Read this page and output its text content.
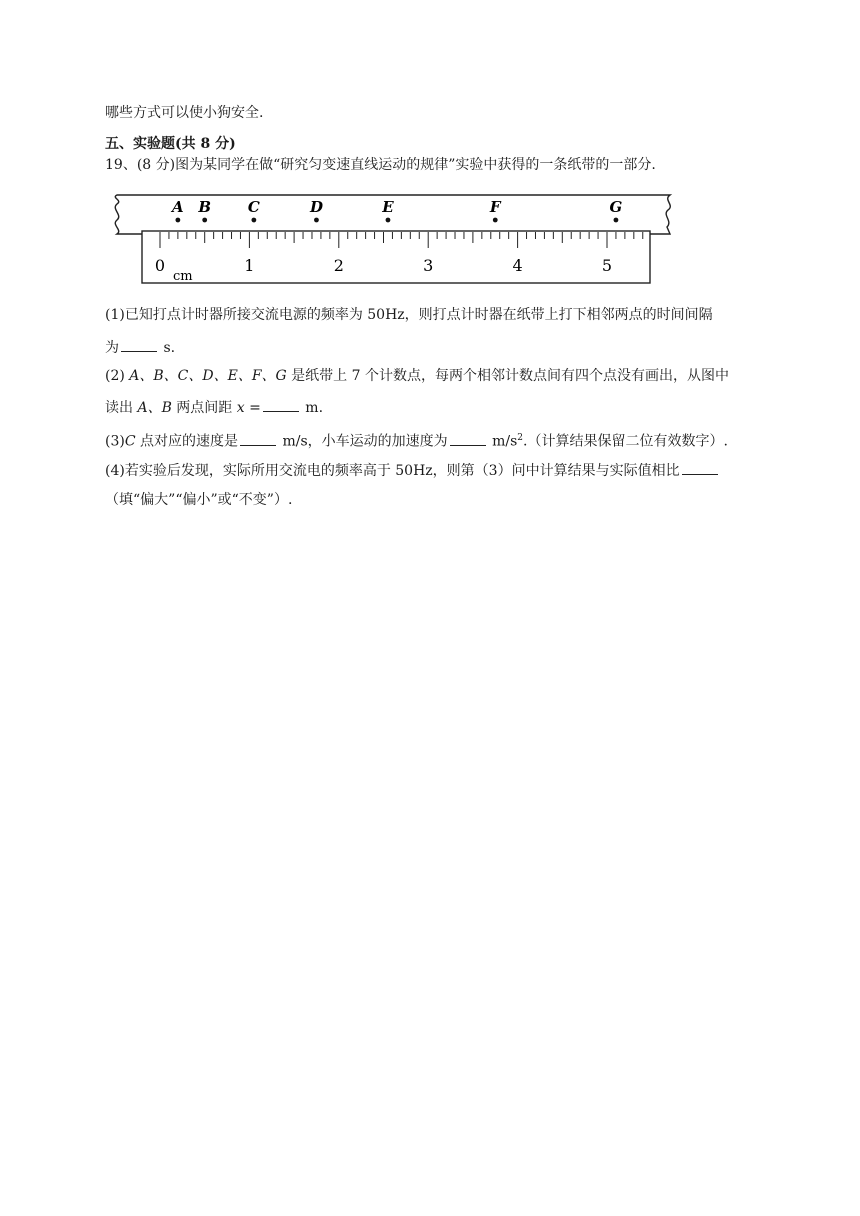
哪些方式可以使小狗安全.
五、实验题(共 8 分)
19、(8 分)图为某同学在做“研究匀变速直线运动的规律”实验中获得的一条纸带的一部分.
0	1	2	3	4	5
cm
A B C	D	E	F	G
(1)已知打点计时器所接交流电源的频率为 50Hz，则打点计时器在纸带上打下相邻两点的时间间隔
为	s.
(2) A、B、C、D、E、F、G 是纸带上 7 个计数点，每两个相邻计数点间有四个点没有画出，从图中
读出 A、B 两点间距 x =	m.
(3)C 点对应的速度是	m/s，小车运动的加速度为	$m/s^2$.（计算结果保留二位有效数字）.
(4)若实验后发现，实际所用交流电的频率高于 50Hz，则第（3）问中计算结果与实际值相比
（填“偏大”“偏小”或“不变”）.
